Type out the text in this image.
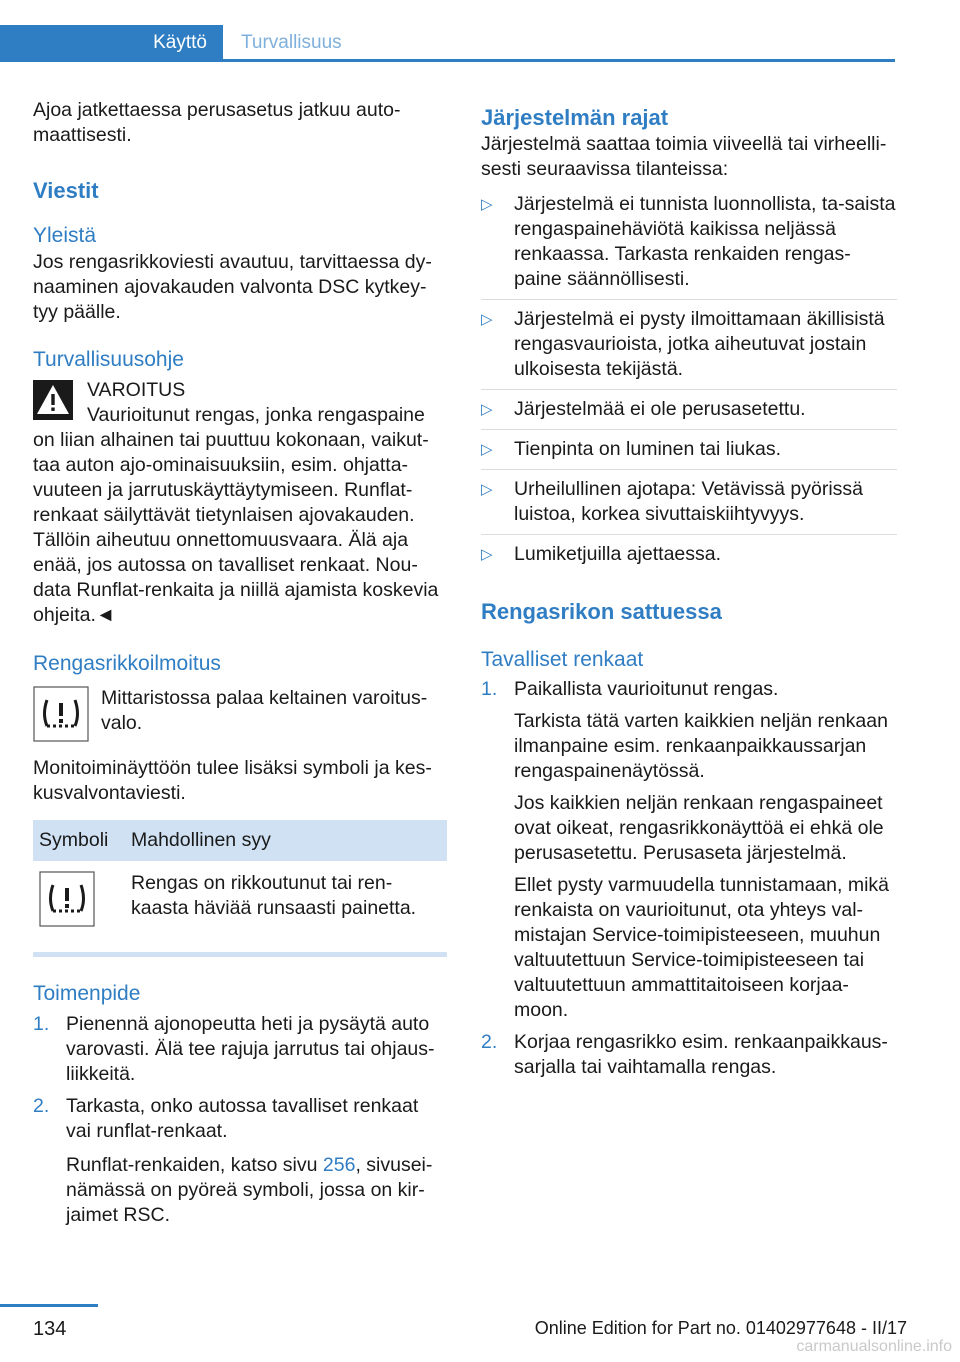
Käyttö Turvallisuus

Ajoa jatkettaessa perusasetus jatkuu auto-maattisesti.

Viestit

Yleistä

Jos rengasrikkoviesti avautuu, tarvittaessa dy-naaminen ajovakauden valvonta DSC kytkey-tyy päälle.

Turvallisuusohje

VAROITUS

Vaurioitunut rengas, jonka rengaspaine on liian alhainen tai puuttuu kokonaan, vaikut-taa auton ajo-ominaisuuksiin, esim. ohjatta-vuuteen ja jarrutuskäyttäytymiseen. Runflat-renkaat säilyttävät tietynlaisen ajovakauden. Tällöin aiheutuu onnettomuusvaara. Älä aja enää, jos autossa on tavalliset renkaat. Nou-data Runflat-renkaita ja niillä ajamista koskevia ohjeita.◄

Rengasrikkoilmoitus

Mittaristossa palaa keltainen varoitus-valo.

Monitoiminäyttöön tulee lisäksi symboli ja kes-kusvalvontaviesti.

Symboli	Mahdollinen syy
	Rengas on rikkoutunut tai ren-kaasta häviää runsaasti painetta.

Toimenpide

1. Pienennä ajonopeutta heti ja pysäytä auto varovasti. Älä tee rajuja jarrutus tai ohjaus-liikkeitä.
2. Tarkasta, onko autossa tavalliset renkaat vai runflat-renkaat.

Runflat-renkaiden, katso sivu 256, sivusei-nämässä on pyöreä symboli, jossa on kir-jaimet RSC.

Järjestelmän rajat

Järjestelmä saattaa toimia viiveellä tai virheelli-sesti seuraavissa tilanteissa:

▷ Järjestelmä ei tunnista luonnollista, ta-saista rengaspainehäviötä kaikissa neljässä renkaassa. Tarkasta renkaiden rengas-paine säännöllisesti.
▷ Järjestelmä ei pysty ilmoittamaan äkillisistä rengasvaurioista, jotka aiheutuvat jostain ulkoisesta tekijästä.
▷ Järjestelmää ei ole perusasetettu.
▷ Tienpinta on luminen tai liukas.
▷ Urheilullinen ajotapa: Vetävissä pyörissä luistoa, korkea sivuttaiskiihtyvyys.
▷ Lumiketjuilla ajettaessa.

Rengasrikon sattuessa

Tavalliset renkaat

1. Paikallista vaurioitunut rengas.

Tarkista tätä varten kaikkien neljän renkaan ilmanpaine esim. renkaanpaikkaussarjan rengaspainenäytössä.

Jos kaikkien neljän renkaan rengaspaineet ovat oikeat, rengasrikkonäyttöä ei ehkä ole perusasetettu. Perusaseta järjestelmä.

Ellet pysty varmuudella tunnistamaan, mikä renkaista on vaurioitunut, ota yhteys val-mistajan Service-toimipisteeseen, muuhun valtuutettuun Service-toimipisteeseen tai valtuutettuun ammattitaitoiseen korjaa-moon.

2. Korjaa rengasrikko esim. renkaanpaikkaus-sarjalla tai vaihtamalla rengas.
134	Online Edition for Part no. 01402977648 - II/17
carmanualsonline.info
